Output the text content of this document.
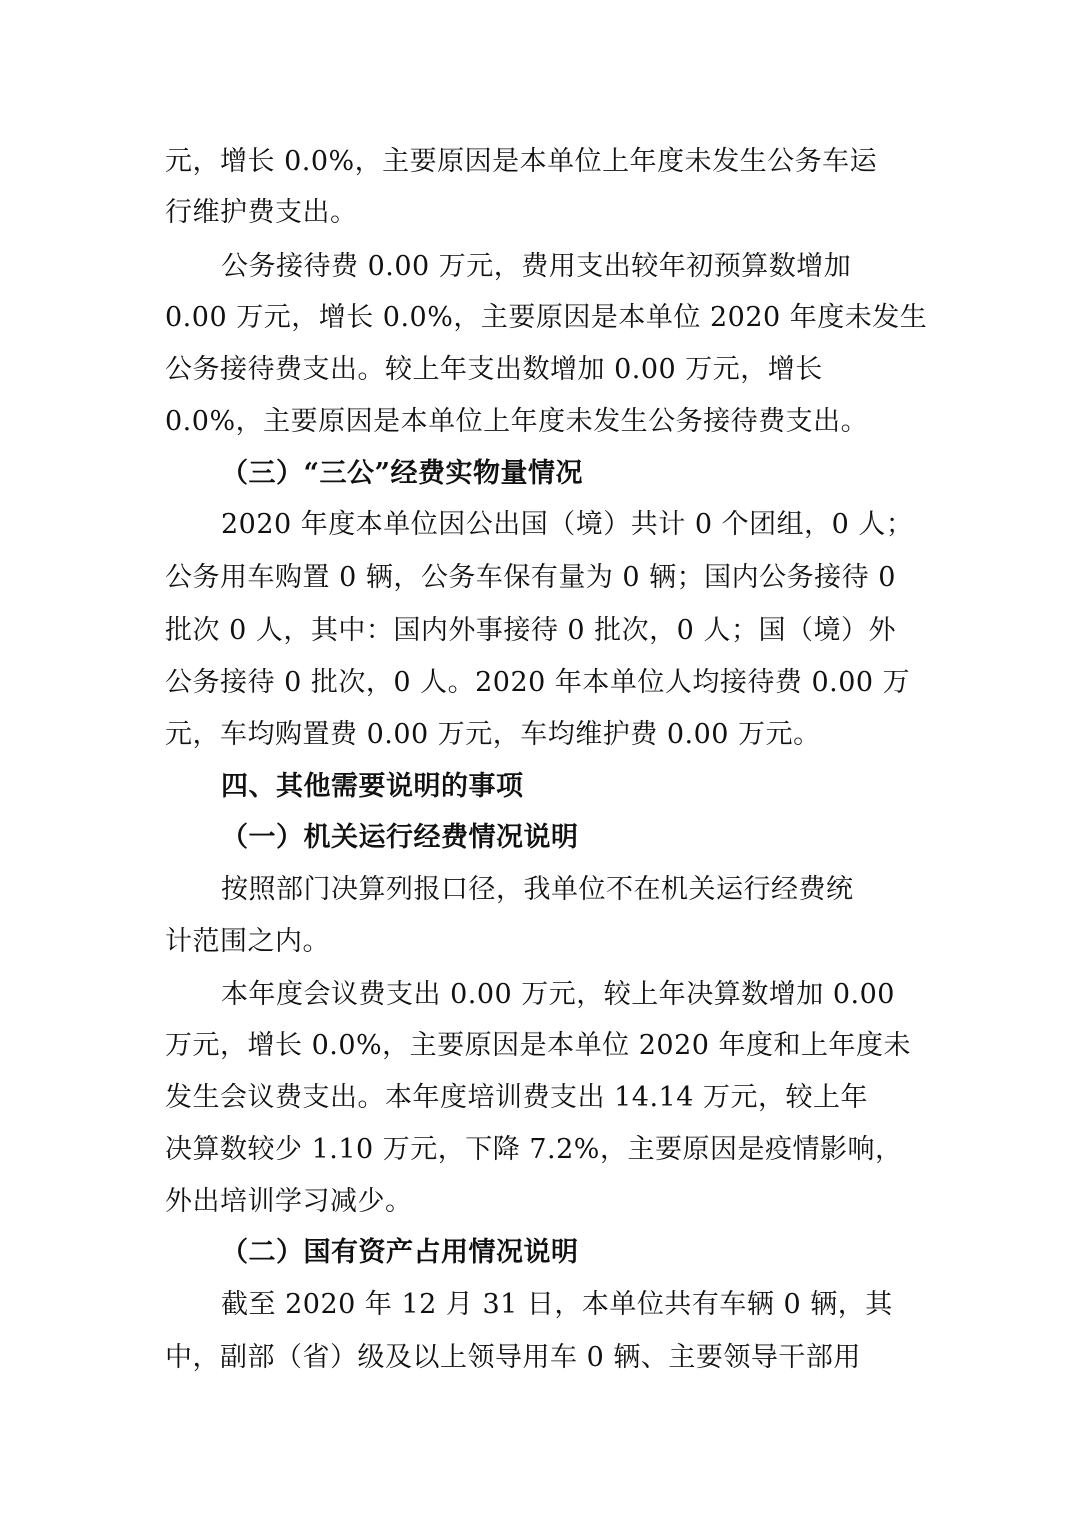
元，增长 0.0%，主要原因是本单位上年度未发生公务车运
行维护费支出。
公务接待费 0.00 万元，费用支出较年初预算数增加
0.00 万元，增长 0.0%，主要原因是本单位 2020 年度未发生
公务接待费支出。较上年支出数增加 0.00 万元，增长
0.0%，主要原因是本单位上年度未发生公务接待费支出。
（三）“三公”经费实物量情况
2020 年度本单位因公出国（境）共计 0 个团组，0 人；
公务用车购置 0 辆，公务车保有量为 0 辆；国内公务接待 0
批次 0 人，其中：国内外事接待 0 批次，0 人；国（境）外
公务接待 0 批次，0 人。2020 年本单位人均接待费 0.00 万
元，车均购置费 0.00 万元，车均维护费 0.00 万元。
四、其他需要说明的事项
（一）机关运行经费情况说明
按照部门决算列报口径，我单位不在机关运行经费统
计范围之内。
本年度会议费支出 0.00 万元，较上年决算数增加 0.00
万元，增长 0.0%，主要原因是本单位 2020 年度和上年度未
发生会议费支出。本年度培训费支出 14.14 万元，较上年
决算数较少 1.10 万元，下降 7.2%，主要原因是疫情影响，
外出培训学习减少。
（二）国有资产占用情况说明
截至 2020 年 12 月 31 日，本单位共有车辆 0 辆，其
中，副部（省）级及以上领导用车 0 辆、主要领导干部用
